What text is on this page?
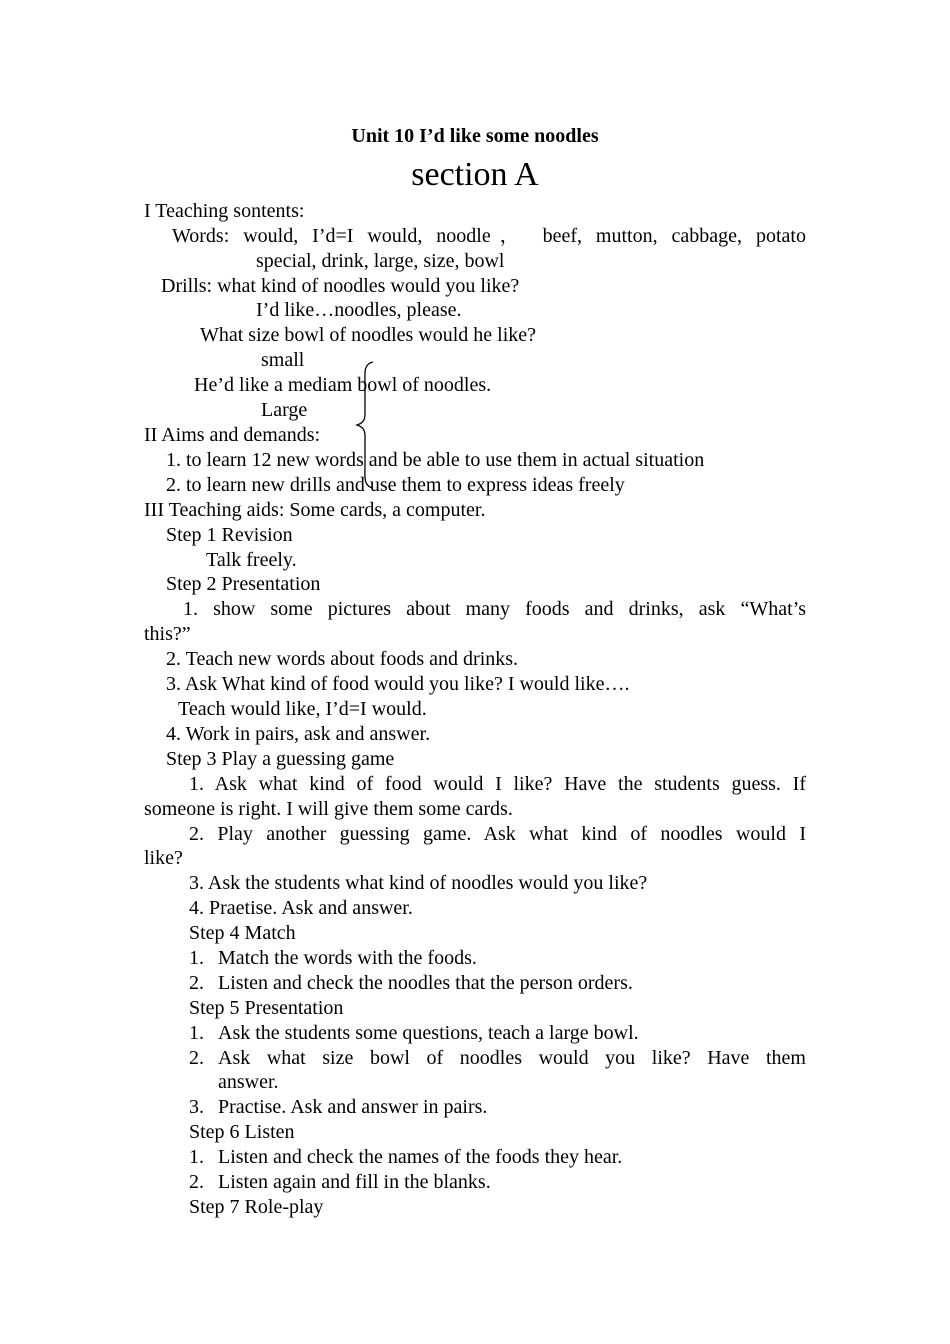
Unit 10 I’d like some noodles
section A
I Teaching sontents:
Words: would, I’d=I would, noodle， beef, mutton, cabbage, potato
special, drink, large, size, bowl
Drills: what kind of noodles would you like?
I’d like…noodles, please.
What size bowl of noodles would he like?
small
He’d like a mediam bowl of noodles.
Large
II Aims and demands:
1. to learn 12 new words and be able to use them in actual situation
2. to learn new drills and use them to express ideas freely
III Teaching aids: Some cards, a computer.
Step 1 Revision
Talk freely.
Step 2 Presentation
1. show some pictures about many foods and drinks, ask “What’s
this?”
2. Teach new words about foods and drinks.
3. Ask What kind of food would you like? I would like….
Teach would like, I’d=I would.
4. Work in pairs, ask and answer.
Step 3 Play a guessing game
1. Ask what kind of food would I like? Have the students guess. If
someone is right. I will give them some cards.
2. Play another guessing game. Ask what kind of noodles would I
like?
3. Ask the students what kind of noodles would you like?
4. Praetise. Ask and answer.
Step 4 Match
1. Match the words with the foods.
2. Listen and check the noodles that the person orders.
Step 5 Presentation
1. Ask the students some questions, teach a large bowl.
2. Ask what size bowl of noodles would you like? Have them
answer.
3. Practise. Ask and answer in pairs.
Step 6 Listen
1. Listen and check the names of the foods they hear.
2. Listen again and fill in the blanks.
Step 7 Role-play
